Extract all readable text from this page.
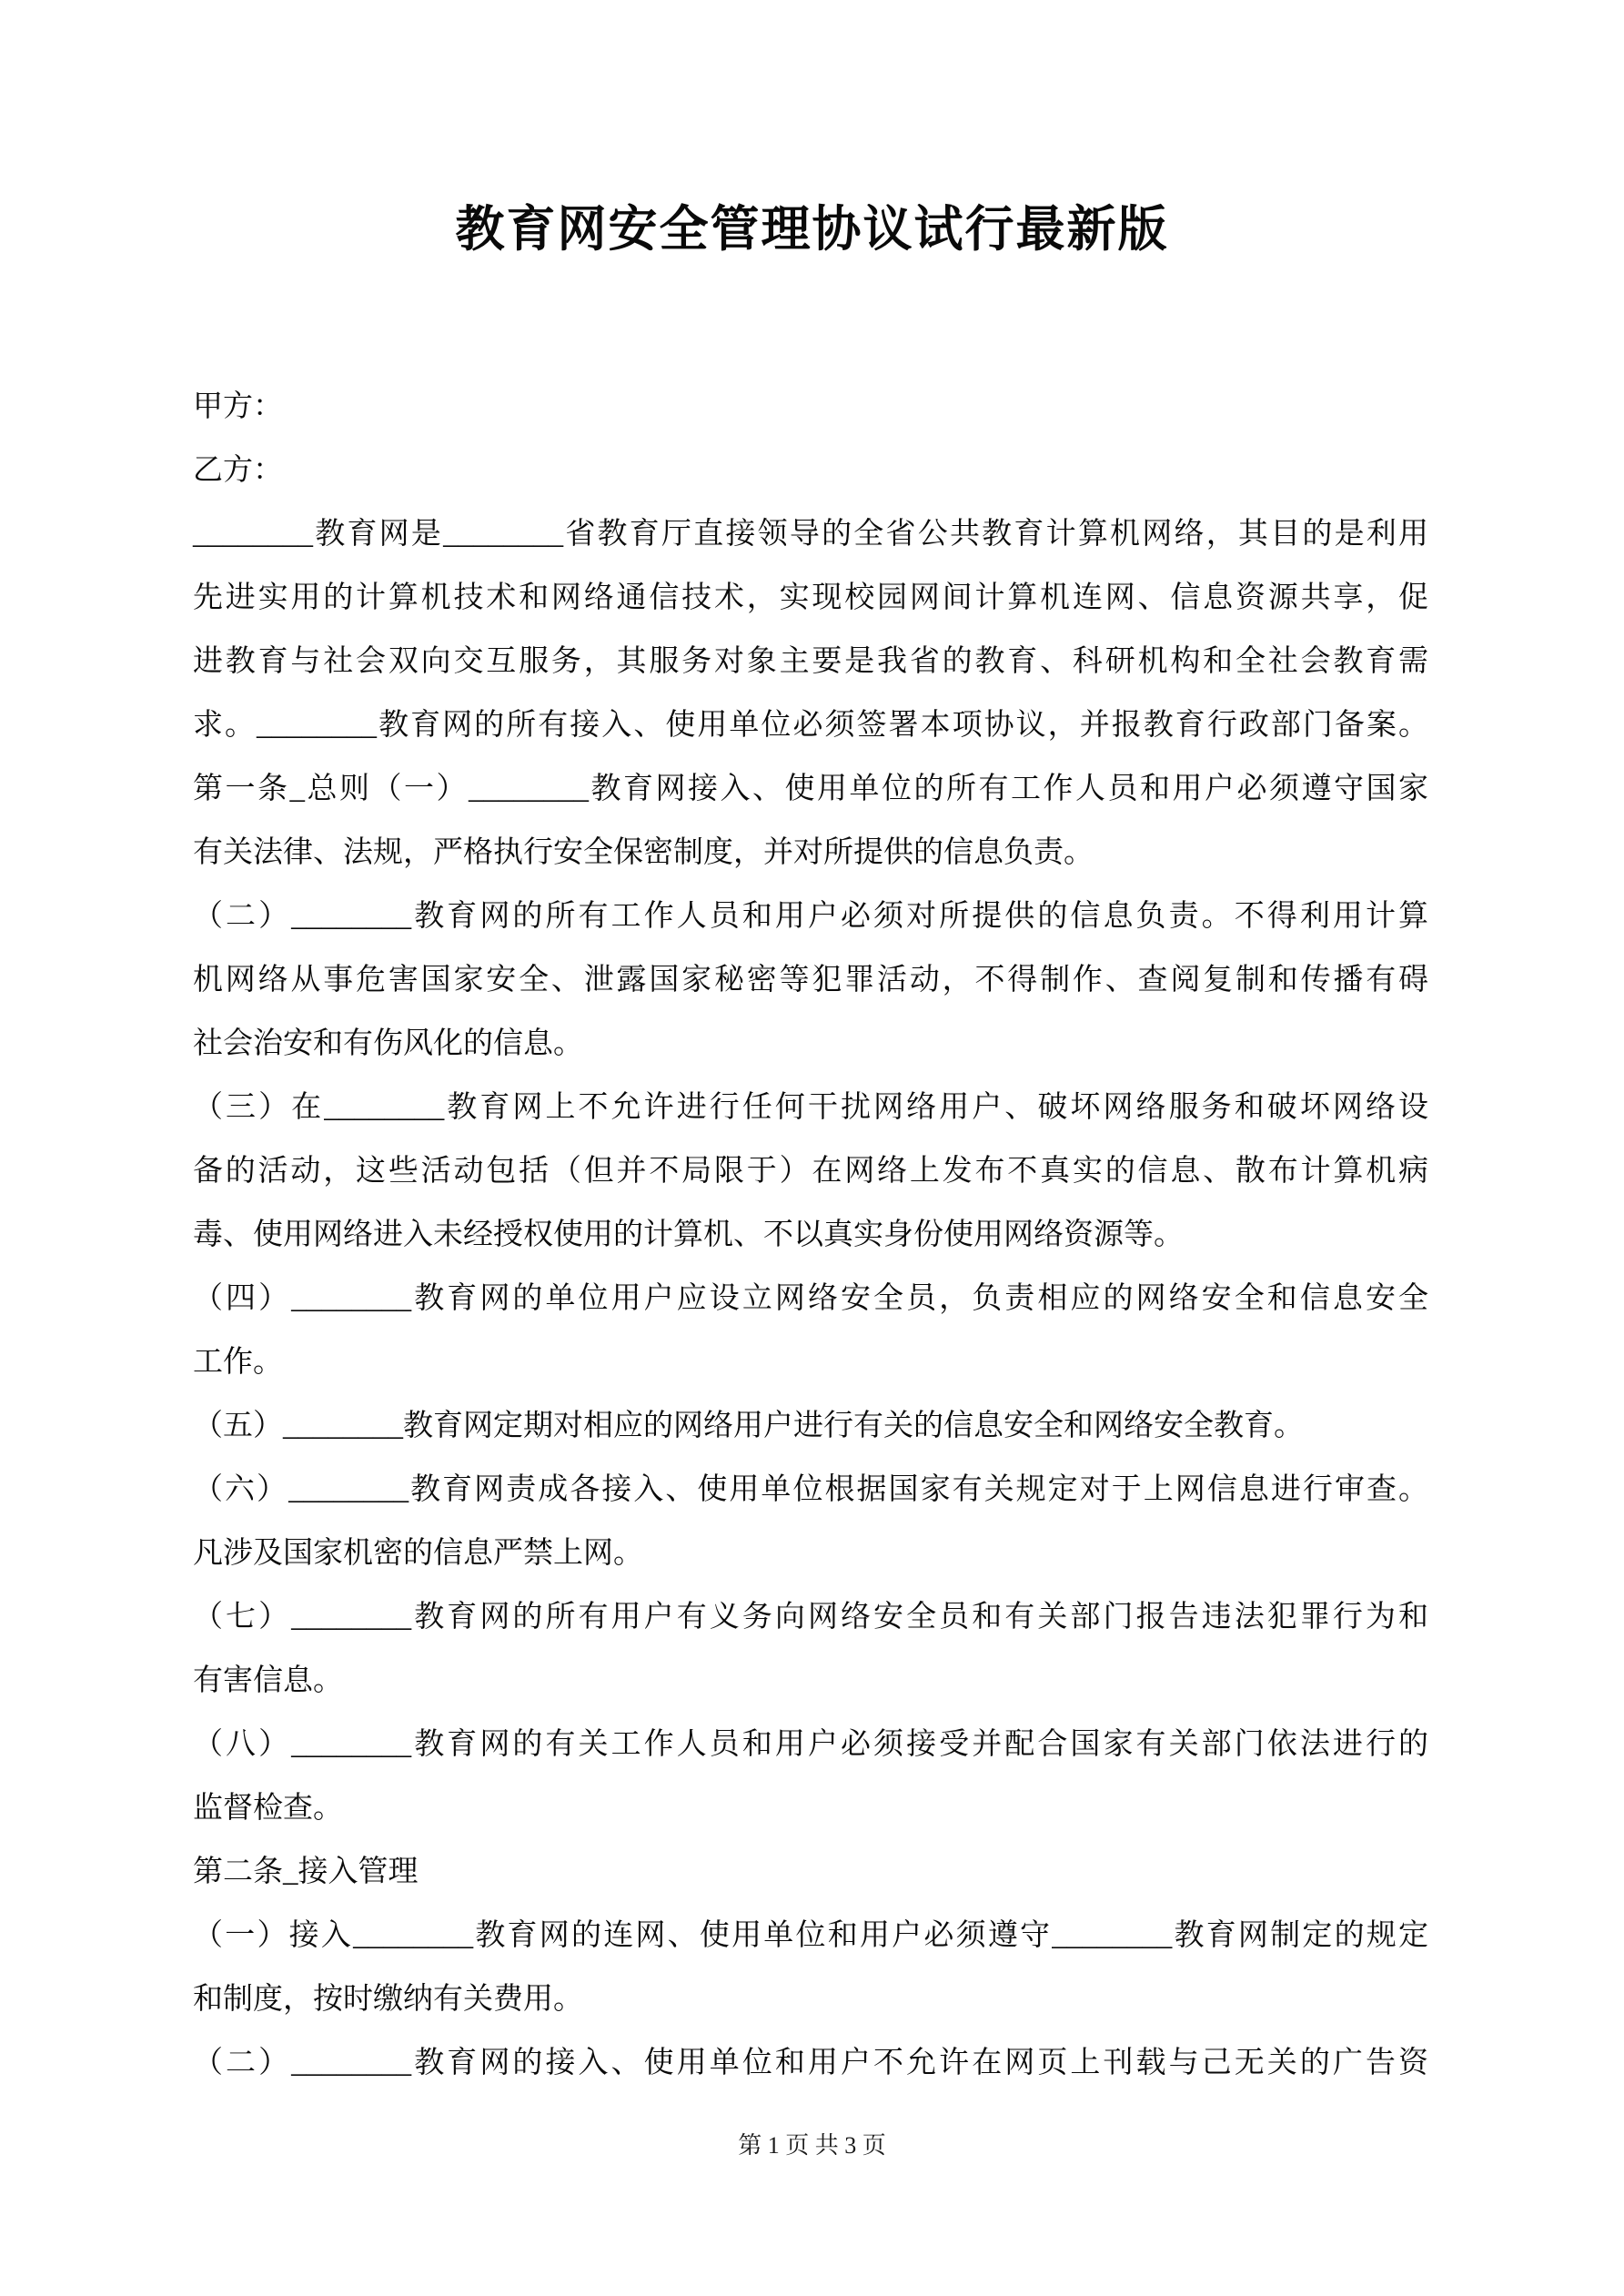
教育网安全管理协议试行最新版
甲方：
乙方：
________教育网是________省教育厅直接领导的全省公共教育计算机网络，其目的是利用
先进实用的计算机技术和网络通信技术，实现校园网间计算机连网、信息资源共享，促
进教育与社会双向交互服务，其服务对象主要是我省的教育、科研机构和全社会教育需
求。________教育网的所有接入、使用单位必须签署本项协议，并报教育行政部门备案。
第一条_总则（一）________教育网接入、使用单位的所有工作人员和用户必须遵守国家
有关法律、法规，严格执行安全保密制度，并对所提供的信息负责。
（二）________教育网的所有工作人员和用户必须对所提供的信息负责。不得利用计算
机网络从事危害国家安全、泄露国家秘密等犯罪活动，不得制作、查阅复制和传播有碍
社会治安和有伤风化的信息。
（三）在________教育网上不允许进行任何干扰网络用户、破坏网络服务和破坏网络设
备的活动，这些活动包括（但并不局限于）在网络上发布不真实的信息、散布计算机病
毒、使用网络进入未经授权使用的计算机、不以真实身份使用网络资源等。
（四）________教育网的单位用户应设立网络安全员，负责相应的网络安全和信息安全
工作。
（五）________教育网定期对相应的网络用户进行有关的信息安全和网络安全教育。
（六）________教育网责成各接入、使用单位根据国家有关规定对于上网信息进行审查。
凡涉及国家机密的信息严禁上网。
（七）________教育网的所有用户有义务向网络安全员和有关部门报告违法犯罪行为和
有害信息。
（八）________教育网的有关工作人员和用户必须接受并配合国家有关部门依法进行的
监督检查。
第二条_接入管理
（一）接入________教育网的连网、使用单位和用户必须遵守________教育网制定的规定
和制度，按时缴纳有关费用。
（二）________教育网的接入、使用单位和用户不允许在网页上刊载与己无关的广告资
第 1 页 共 3 页
